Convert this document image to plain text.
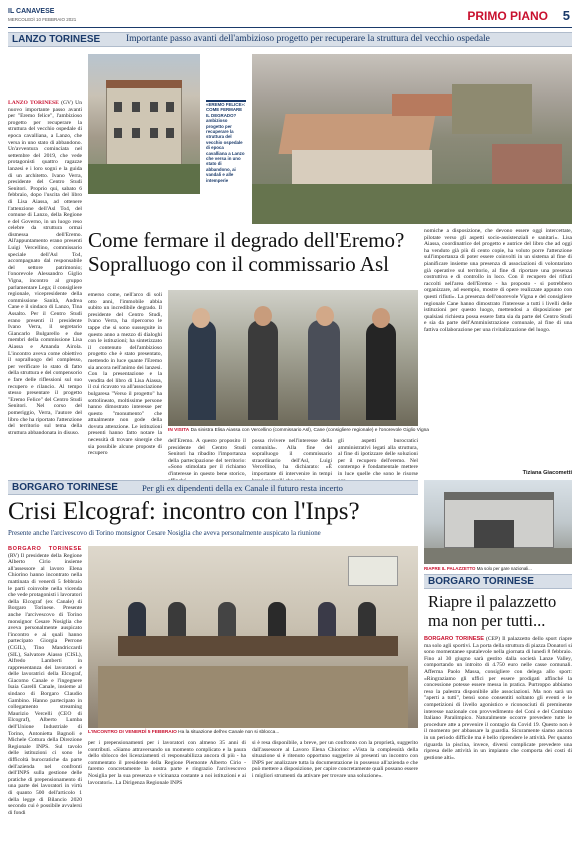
IL CANAVESE
MERCOLEDÌ 10 FEBBRAIO 2021	PRIMO PIANO 5
LANZO TORINESE	Importante passo avanti dell'ambizioso progetto per recuperare la struttura del vecchio ospedale
LANZO TORINESE (GV) Un nuovo importante passo avanti per "Eremo felice", l'ambizioso progetto per recuperare la struttura del vecchio ospedale di epoca cavalliana, a Lanzo, che versa in uno stato di abbandono. Un'avventura cominciata nel settembre del 2019, che vede protagonisti quattro ragazze lanzesi e i loro sogni e la guida di un architetto. Ivano Verra, presidente del Centro Studi Senitori. Proprio qui, sabato 6 febbraio, dopo l'uscita del libro di Lisa Aiassa, ad ottenere l'attenzione dell'Asl To4, del comune di Lanzo, della Regione e del Governo, in un luogo reso celebre da struttura ormai dismessa dell'Eremo. All'appuntamento erano presenti Luigi Vercellino, commissario speciale dell'Asl To4, accompagnato dal responsabile del settore patrimonio; l'onorevole Alessandro Giglio Vigna, incontro al gruppo parlamentare Lega; il consigliere regionale, vicepresidente della commissione Sanità, Andrea Cane e il sindaco di Lanzo, Tina Assalto. Per il Centro Studi erano presenti il presidente Ivano Verra, il segretario Giancarlo Bulgarello e due membri della commissione Lisa Aiassa e Amanda Airola. L'incontro aveva come obiettivo il sopralluogo del complesso, per verificare lo stato di fatto della struttura e del compensorio e fare delle riflessioni sul suo recupero e rilancio. Al tempo stesso presentare il progetto "Eremo Felice" del Centro Studi Senitori. Nel corso del pomeriggio, Verra, l'autore del libro che ha riportato l'attenzione del territorio sul tema della struttura abbandonata in disuso.
«EREMO FELICE»: COME FERMARE IL DEGRADO? ambizioso progetto per recuperare la struttura del vecchio ospedale di epoca cavalliana a Lanzo che versa in uno stato di abbandono, ai vandali e alle intemperie
Come fermare il degrado dell'Eremo? Sopralluogo con il commissario Asl
emerso come, nell'arco di soli otto anni, l'immobile abbia subito un incredibile degrado. Il presidente del Centro Studi, Ivano Verra, ha ripercorso le tappe che si sono susseguite in questo anno a mezzo di dialoghi con le istituzioni; ha sintetizzato il contenuto dell'ambizioso progetto che è stato presentato, mettendo in luce quante l'Eremo sia ancora nell'animo dei lanzesi. Con la presentazione e la vendita del libro di Lisa Aiassa, il cui ricavato va all'associazione bulgaresa "Verso il progetto" ha sottolineato, moltissime persone hanno dimostrato interesse per questo "monumento" che attualmente non gode della dovuta attenzione. Le istituzioni presenti hanno fatto notare la necessità di trovare sinergie che sia possibile alcune proposte di recupero
IN VISITA Da sinistra Elisa Aiassa con Vercellino (commissario Asl), Cane (consigliere regionale) e l'onorevole Giglio Vigna
dell'Eremo. A questo proposito il presidente del Centro Studi Senitori ha ribadito l'importanza della partecipazione del territorio: «Sono stimolata per il richiamo d'interesse in questo bene storico,
possa rivivere nell'interesse della comunità». Alla fine del sopralluogo il commissario straordinario dell'Asl, Luigi Vercellino, ha dichiarato: «È importante di intervenire in tempi
gli aspetti burocratici amministrativi legati alla struttura, al fine di ipotizzare delle soluzioni per il recupero dell'eremo. Nel contempo è fondamentale mettere in luce quelle che sono le risorse
nomiche a disposizione, che devono essere oggi intercettate, pilotate verso gli aspetti socio-assistenziali e sanitari». Lisa Aiassa, coordinatrice del progetto e autrice del libro che ad oggi ha venduto già più di cento copie, ha voluto porre l'attenzione sull'importanza di poter essere coinvolti in un sistema al fine di pianificare insieme una presenza di associazioni di volontariato già operative sul territorio, al fine di riportare una presenza costruttiva e di controllo in loco. Con il recupero dei rifiuti raccolti nell'area dell'Eremo - ha proposto - si potrebbero organizzare, ad esempio, mostre di opere realizzate appunto con questi rifiuti». La presenza dell'onorevole Vigna e del consigliere regionale Cane hanno dimostrato l'interesse a tutti i livelli delle istituzioni per questo luogo, mettendosi a disposizione per qualsiasi richiesta possa essere fatta sia da parte del Centro Studi e sia da parte dell'Amministrazione comunale, al fine di una fattiva collaborazione per una rivitalizzazione del luogo.
Tiziana Giacometti
BORGARO TORINESE	Per gli ex dipendenti della ex Canale il futuro resta incerto
Crisi Elcograf: incontro con l'Inps?
Presente anche l'arcivescovo di Torino monsignor Cesare Nosiglia che aveva personalmente auspicato la riunione
BORGARO TORINESE (RV) Il presidente della Regione Alberto Cirio insieme all'assessore al lavoro Elena Chiorino hanno incontrato nella mattinata di venerdì 5 febbraio le parti coinvolte nella vicenda che vede protagonisti i lavoratori della Elcograf (ex Canale) di Borgaro Torinese. Presente anche l'arcivescovo di Torino monsignor Cesare Nosiglia che aveva personalmente auspicato l'incontro e ai quali hanno partecipato Giorgia Perrone (CGIL), Tino Mandriccardi (SIL), Salvatore Aiasso (CISL), Alfredo Lamberti in rappresentanza dei lavoratori e delle lavoratrici della Elcograf, Giacomo Canale e l'ingegnere Isaia Garelli Canale, insieme al sindaco di Borgaro Claudio Gambino. Hanno partecipato in collegamento streaming Maurizio Vercelli (CEO di Elcograf), Alberto Lumba dell'Unione Industriale di Torino, Antonietta Bagnoli e Michele Cottura della Direzione Regionale INPS. Sul tavolo delle istituzioni ci sono le difficoltà burocratiche da parte dell'azienda nel confronti dell'INPS sulla gestione delle pratiche di prepensionamento di una parte dei lavoratori in virtù di quanto 500 dell'articolo 1 della legge di Bilancio 2020 secondo cui è possibile avvalersi di fondi
L'INCONTRO DI VENERDÌ 5 FEBBRAIO Ha la situazione dell'ex Canale non si sblocca...
per i prepensionamenti per i lavoratori con almeno 35 anni di contributi. «Siamo attraversando un momento complicato e la paura dello sblocco dei licenziamenti ci responsabilizza ancora di più - ha commentato il presidente della Regione Piemonte Alberto Cirio - faremo concretamente la nostra parte e ringrazio l'arcivescovo Nosiglia per la sua presenza e vicinanza costante a noi istituzioni e ai lavoratori». La Dirigenza Regionale INPS
si è resa disponibile, a breve, per un confronto con la proprietà, suggerito dall'assessore al Lavoro Elena Chiorino: «Vista la complessità della situazione si è ritenuto opportuno suggerire ai presenti un incontro con INPS per analizzare tutta la documentazione in possesso all'azienda e che può mettere a disposizione, per capire concretamente quali possano essere i migliori strumenti da attivare per trovare una soluzione».
RIAPRE IL PALAZZETTO Ma solo per gare nazionali...
BORGARO TORINESE
Riapre il palazzetto ma non per tutti...
BORGARO TORINESE (CEP) Il palazzetto dello sport riapre ma solo agli sportivi. La porta della struttura di piazza Donatori si sono momentanee sputalevole nella giornata di lunedì 8 febbraio. Fino al 30 giugno sarà gestito dalla società Lanze Valley, comportando un introito di 4.750 euro nelle casse comunali. Afferma Paolo Massa, consigliere con delega allo sport: «Ringraziamo gli uffici per essere prodigati affinché la concessione potesse essere messa in pratica. Purtroppo abbiamo reso la palestra disponibile alle associazioni. Ma non sarà un "aperti a tutti", bensì sono consentiti soltanto gli eventi e le competizioni di livello agonistico e riconosciuti di preminente interesse nazionale con provvedimento del Coni e del Comitato Italiano Paralimpico. Naturalmente occorre prevedere tutte le procedure atte a prevenire il contagio da Covid 19. Questo non è il momento per abbassare la guardia. Sicuramente siamo ancora in un periodo difficile ma è bello riprendere le attività. Per quanto riguarda la piscina, invece, diversi complicate prevedere una ripresa delle attività in un impianto che comporta dei costi di gestione alti».
